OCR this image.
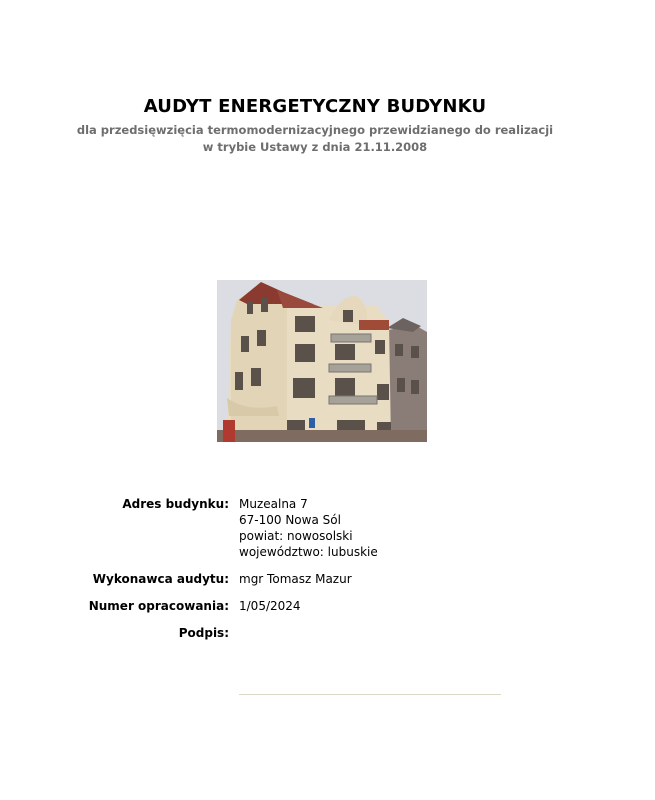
AUDYT ENERGETYCZNY BUDYNKU
dla przedsięwzięcia termomodernizacyjnego przewidzianego do realizacji
w trybie Ustawy z dnia 21.11.2008
Adres budynku: Muzealna 7
67-100 Nowa Sól
powiat: nowosolski
województwo: lubuskie
Wykonawca audytu: mgr Tomasz Mazur
Numer opracowania: 1/05/2024
Podpis:
